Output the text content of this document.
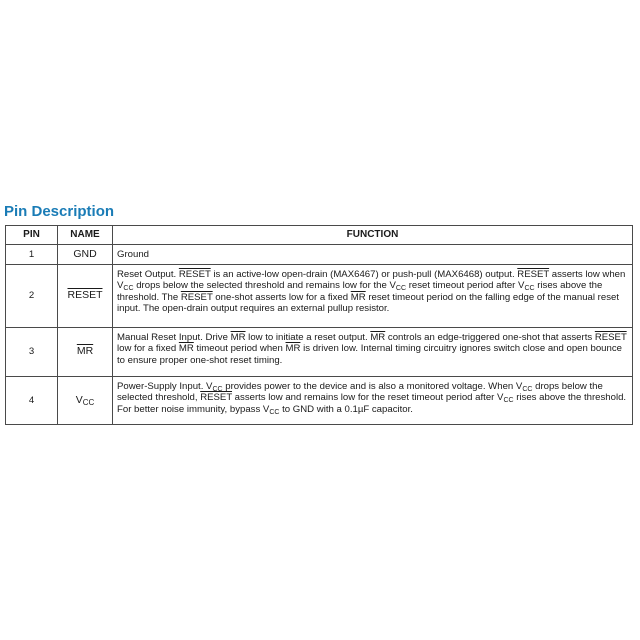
Pin Description
PIN	NAME	FUNCTION
1	GND	Ground
2	RESET	Reset Output. RESET is an active-low open-drain (MAX6467) or push-pull (MAX6468) output. RESET asserts low when $V_{CC}$ drops below the selected threshold and remains low for the $V_{CC}$ reset timeout period after $V_{CC}$ rises above the threshold. The RESET one-shot asserts low for a fixed $\overline{MR}$ reset timeout period on the falling edge of the manual reset input. The open-drain output requires an external pullup resistor.
3	$\overline{MR}$	Manual Reset Input. Drive $\overline{MR}$ low to initiate a reset output. $\overline{MR}$ controls an edge-triggered one-shot that asserts RESET low for a fixed $\overline{MR}$ timeout period when $\overline{MR}$ is driven low. Internal timing circuitry ignores switch close and open bounce to ensure proper one-shot reset timing.
4	$V_{CC}$	Power-Supply Input. $V_{CC}$ provides power to the device and is also a monitored voltage. When $V_{CC}$ drops below the selected threshold, RESET asserts low and remains low for the reset timeout period after $V_{CC}$ rises above the threshold. For better noise immunity, bypass $V_{CC}$ to GND with a 0.1µF capacitor.
